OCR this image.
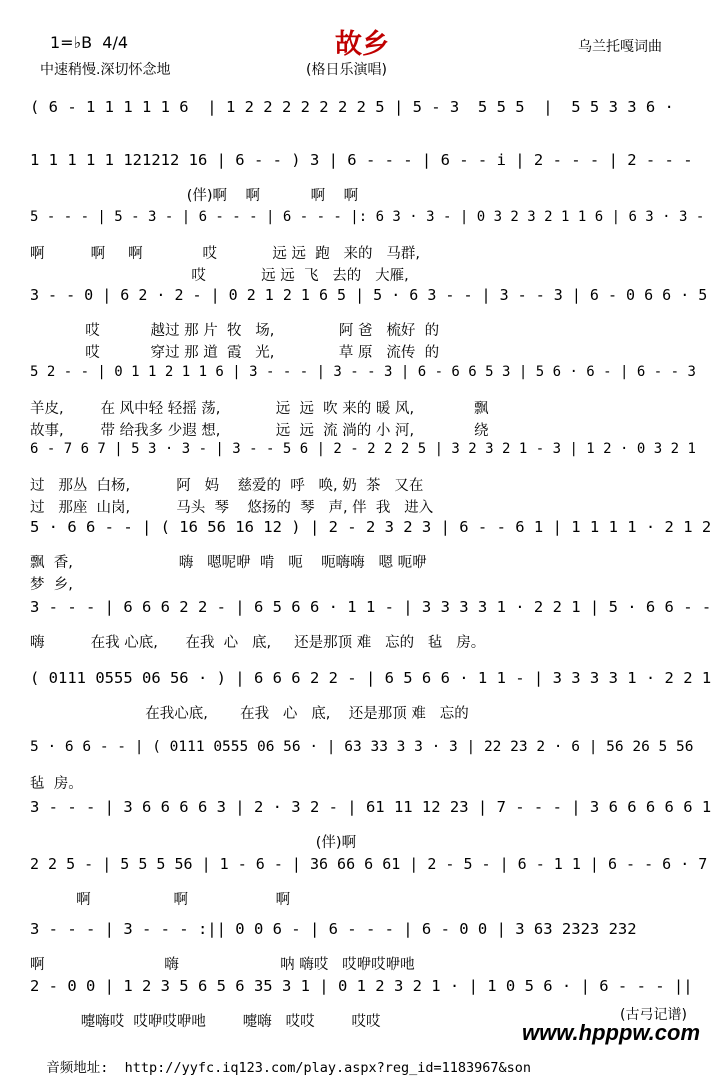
故乡
1=♭B  4/4
中速稍慢.深切怀念地	(格日乐演唱)
乌兰托嘎词曲
( 6 - 1 1 1 1 1 6  | 1 2 2 2 2 2 2 2 5 | 5 - 3  5 5 5  |  5 5 3 3 6 ·
1 1 1 1 1 121212 16 | 6 - - ) 3 | 6 - - - | 6 - - i | 2 - - - | 2 - - -
(伴)啊    啊           啊    啊
5 - - - | 5 - 3 - | 6 - - - | 6 - - - |: 6 3 · 3 - | 0 3 2 3 2 1 1 6 | 6 3 · 3 -
啊          啊     啊             哎            远 远  跑   来的   马群,
哎            远 远  飞   去的   大雁,
3 - - 0 | 6 2 · 2 - | 0 2 1 2 1 6 5 | 5 · 6 3 - - | 3 - - 3 | 6 - 0 6 6 · 5
哎           越过 那 片  牧   场,              阿 爸   梳好  的
哎           穿过 那 道  霞   光,              草 原   流传  的
5 2 - - | 0 1 1 2 1 1 6 | 3 - - - | 3 - - 3 | 6 - 6 6 5 3 | 5 6 · 6 - | 6 - - 3
羊皮,        在 风中轻 轻摇 荡,            远  远  吹 来的 暖 风,             飘
故事,        带 给我多 少遐 想,            远  远  流 淌的 小 河,             绕
6 - 7 6 7 | 5 3 · 3 - | 3 - - 5 6 | 2 - 2 2 2 5 | 3 2 3 2 1 - 3 | 1 2 · 0 3 2 1
过   那丛  白杨,          阿   妈    慈爱的  呼   唤, 奶  茶   又在
过   那座  山岗,          马头  琴    悠扬的  琴   声, 伴  我   进入
5 · 6 6 - - | ( 16 56 16 12 ) | 2 - 2 3 2 3 | 6 - - 6 1 | 1 1 1 1 · 2 1 2
飘  香,                       嗨   嗯呢咿  啃   呃    呃嗨嗨   嗯 呃咿
梦  乡,
3 - - - | 6 6 6 2 2 - | 6 5 6 6 · 1 1 - | 3 3 3 3 1 · 2 2 1 | 5 · 6 6 - -
嗨          在我 心底,      在我  心   底,     还是那顶 难   忘的   毡   房。
( 0111 0555 06 56 · ) | 6 6 6 2 2 - | 6 5 6 6 · 1 1 - | 3 3 3 3 1 · 2 2 1
在我心底,       在我   心   底,    还是那顶 难   忘的
5 · 6 6 - - | ( 0111 0555 06 56 · | 63 33 3 3 · 3 | 22 23 2 · 6 | 56 26 5 56
毡  房。
3 - - - | 3 6 6 6 6 3 | 2 · 3 2 - | 61 11 12 23 | 7 - - - | 3 6 6 6 6 6 1
(伴)啊
2 2 5 - | 5 5 5 56 | 1 - 6 - | 36 66 6 61 | 2 - 5 - | 6 - 1 1 | 6 - - 6 · 7
啊                  啊                   啊
3 - - - | 3 - - - :|| 0 0 6 - | 6 - - - | 6 - 0 0 | 3 63 2323 232
啊                          嗨                      呐 嗨哎   哎咿哎咿吔
2 - 0 0 | 1 2 3 5 6 5 6 35 3 1 | 0 1 2 3 2 1 · | 1 0 5 6 · | 6 - - - ||
嚏嗨哎  哎咿哎咿吔        嚏嗨   哎哎        哎哎	(古弓记谱)

音频地址: http://yyfc.iq123.com/play.aspx?reg_id=1183967&son

www.hpppw.com
